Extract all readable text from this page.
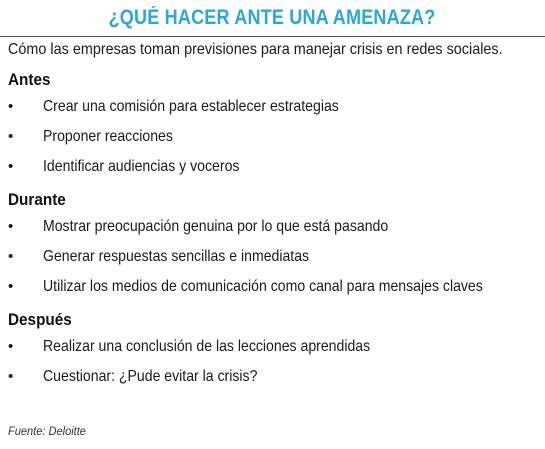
¿QUÉ HACER ANTE UNA AMENAZA?
Cómo las empresas toman previsiones para manejar crisis en redes sociales.
Antes
•	Crear una comisión para establecer estrategias
•	Proponer reacciones
•	Identificar audiencias y voceros
Durante
•	Mostrar preocupación genuina por lo que está pasando
•	Generar respuestas sencillas e inmediatas
•	Utilizar los medios de comunicación como canal para mensajes claves
Después
•	Realizar una conclusión de las lecciones aprendidas
•	Cuestionar: ¿Pude evitar la crisis?
Fuente: Deloitte
